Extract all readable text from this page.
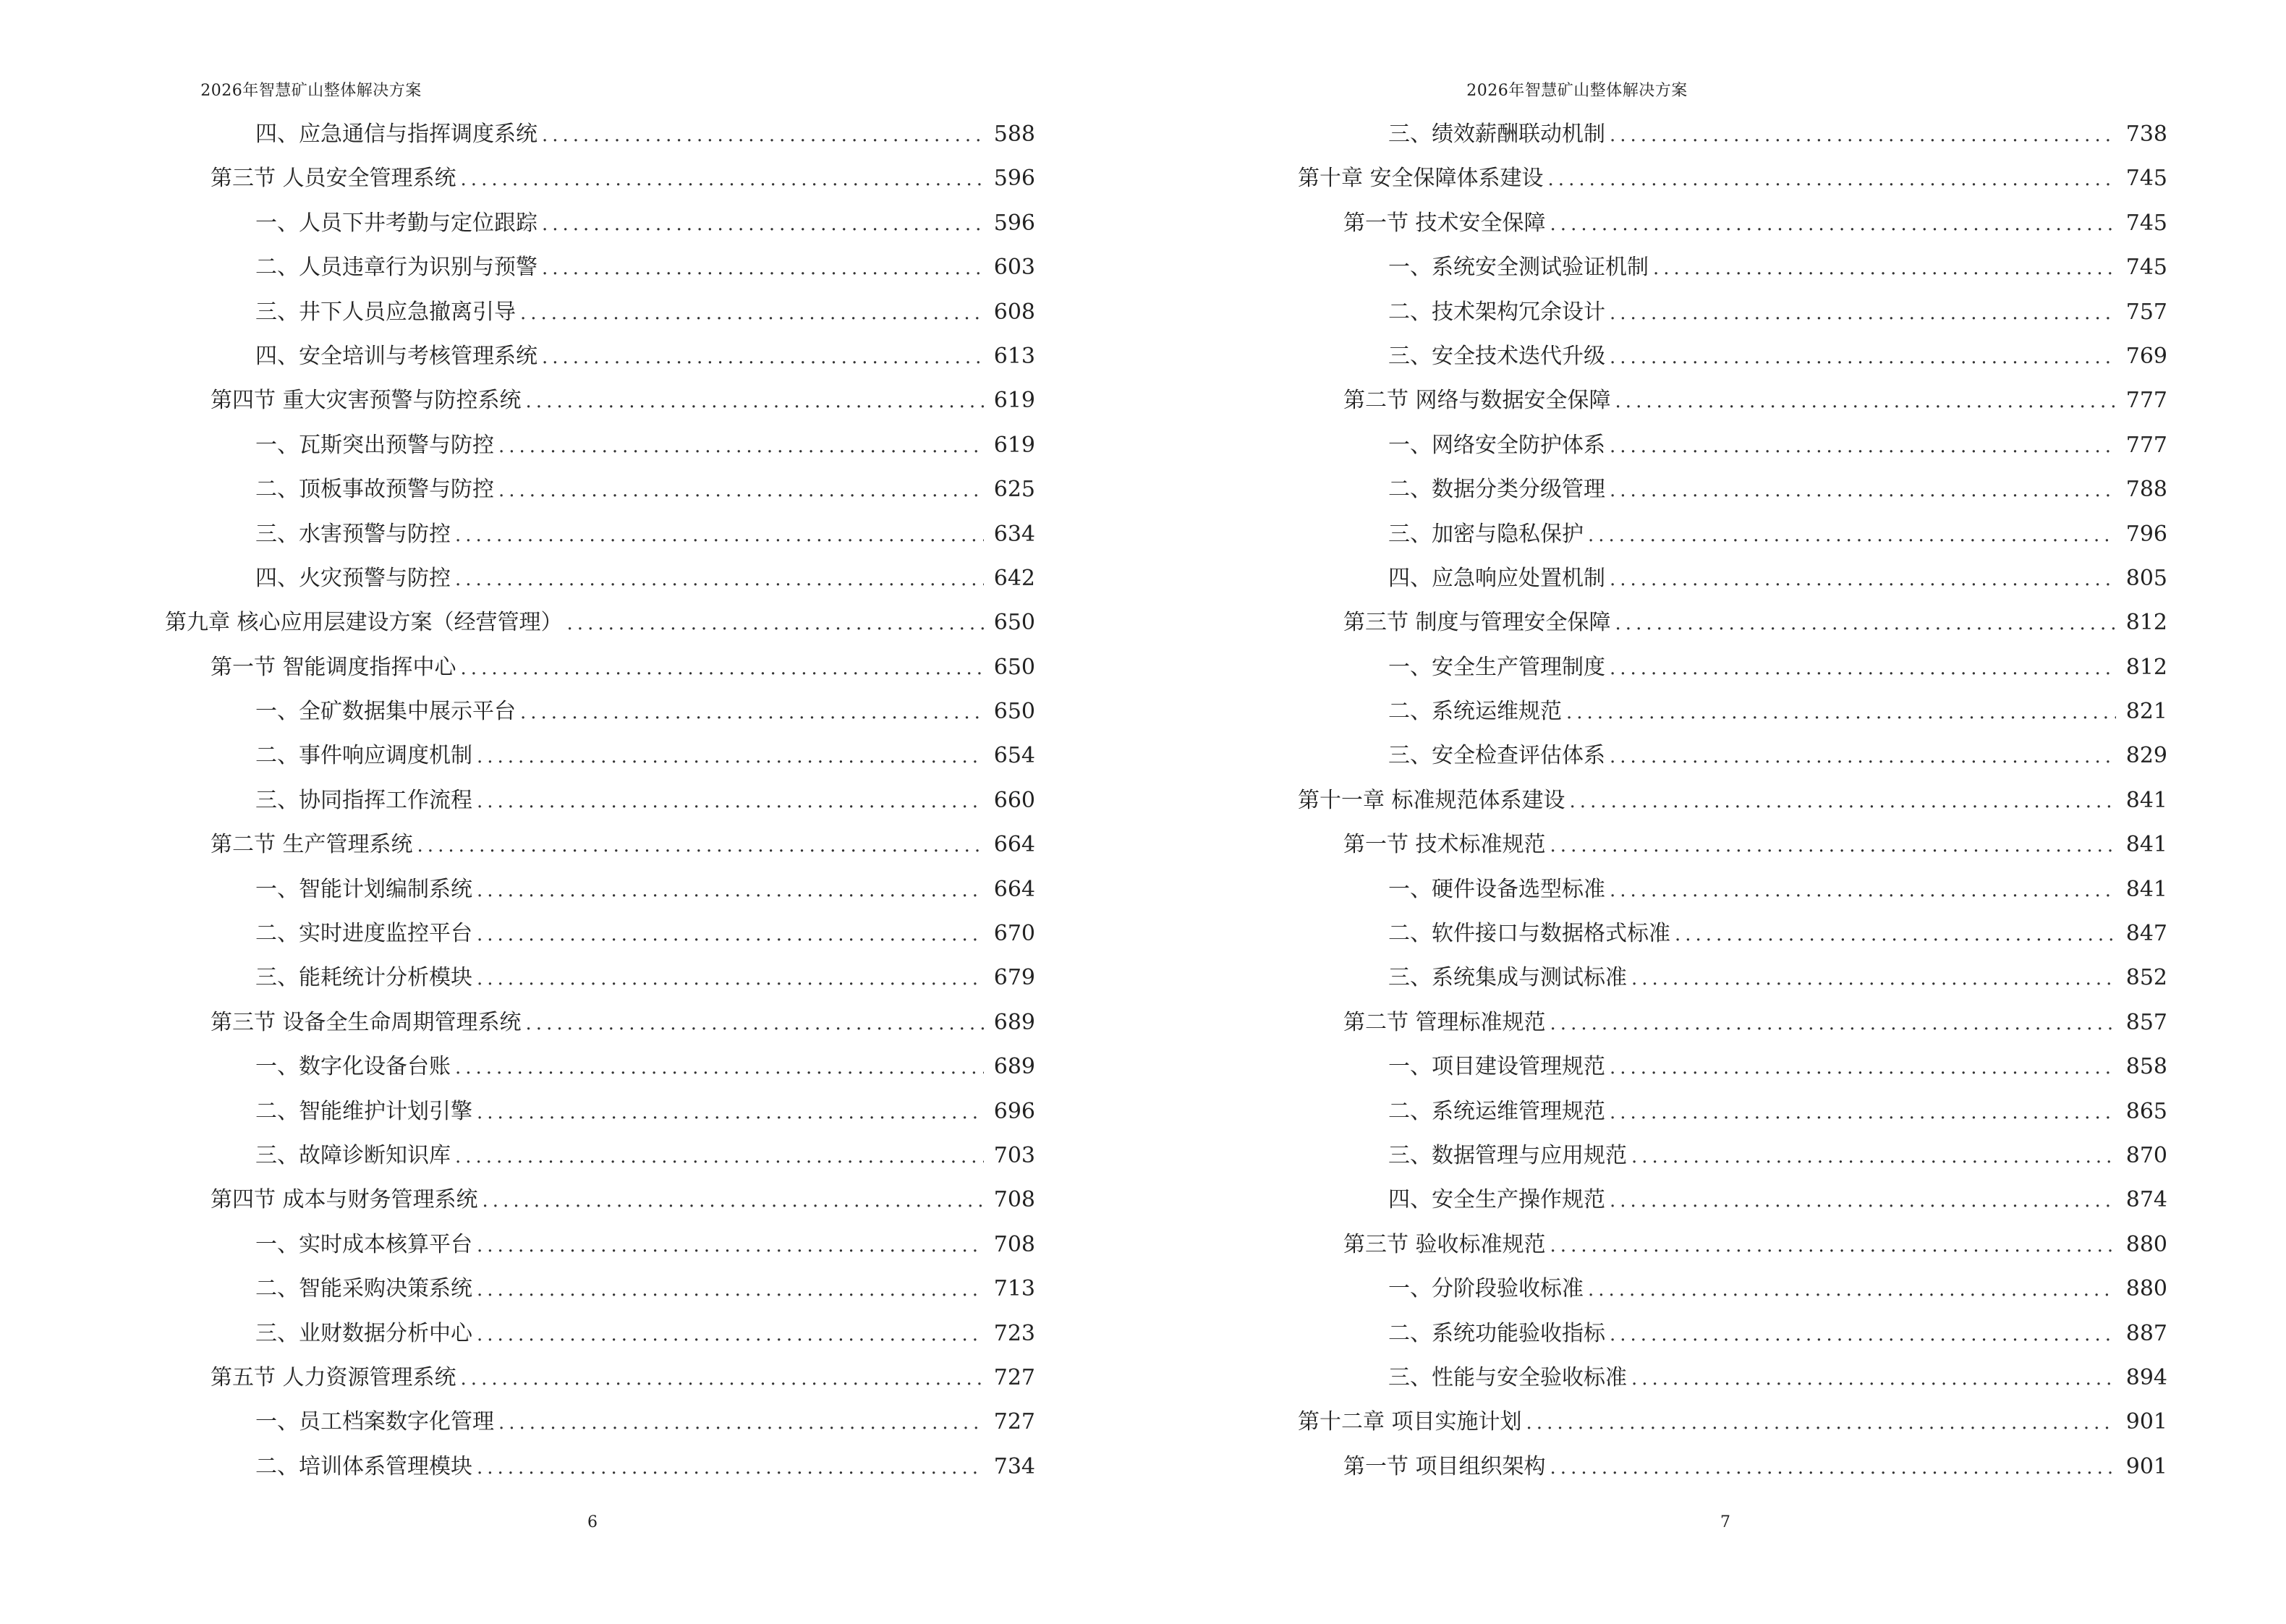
2026年智慧矿山整体解决方案
四、应急通信与指挥调度系统 .....	588
第三节 人员安全管理系统 .....	596
一、人员下井考勤与定位跟踪 .....	596
二、人员违章行为识别与预警 .....	603
三、井下人员应急撤离引导 .....	608
四、安全培训与考核管理系统 .....	613
第四节 重大灾害预警与防控系统 .....	619
一、瓦斯突出预警与防控 .....	619
二、顶板事故预警与防控 .....	625
三、水害预警与防控 .....	634
四、火灾预警与防控 .....	642
第九章 核心应用层建设方案（经营管理） .....	650
第一节 智能调度指挥中心 .....	650
一、全矿数据集中展示平台 .....	650
二、事件响应调度机制 .....	654
三、协同指挥工作流程 .....	660
第二节 生产管理系统 .....	664
一、智能计划编制系统 .....	664
二、实时进度监控平台 .....	670
三、能耗统计分析模块 .....	679
第三节 设备全生命周期管理系统 .....	689
一、数字化设备台账 .....	689
二、智能维护计划引擎 .....	696
三、故障诊断知识库 .....	703
第四节 成本与财务管理系统 .....	708
一、实时成本核算平台 .....	708
二、智能采购决策系统 .....	713
三、业财数据分析中心 .....	723
第五节 人力资源管理系统 .....	727
一、员工档案数字化管理 .....	727
二、培训体系管理模块 .....	734
6
2026年智慧矿山整体解决方案
三、绩效薪酬联动机制 .....	738
第十章 安全保障体系建设 .....	745
第一节 技术安全保障 .....	745
一、系统安全测试验证机制 .....	745
二、技术架构冗余设计 .....	757
三、安全技术迭代升级 .....	769
第二节 网络与数据安全保障 .....	777
一、网络安全防护体系 .....	777
二、数据分类分级管理 .....	788
三、加密与隐私保护 .....	796
四、应急响应处置机制 .....	805
第三节 制度与管理安全保障 .....	812
一、安全生产管理制度 .....	812
二、系统运维规范 .....	821
三、安全检查评估体系 .....	829
第十一章 标准规范体系建设 .....	841
第一节 技术标准规范 .....	841
一、硬件设备选型标准 .....	841
二、软件接口与数据格式标准 .....	847
三、系统集成与测试标准 .....	852
第二节 管理标准规范 .....	857
一、项目建设管理规范 .....	858
二、系统运维管理规范 .....	865
三、数据管理与应用规范 .....	870
四、安全生产操作规范 .....	874
第三节 验收标准规范 .....	880
一、分阶段验收标准 .....	880
二、系统功能验收指标 .....	887
三、性能与安全验收标准 .....	894
第十二章 项目实施计划 .....	901
第一节 项目组织架构 .....	901
7
